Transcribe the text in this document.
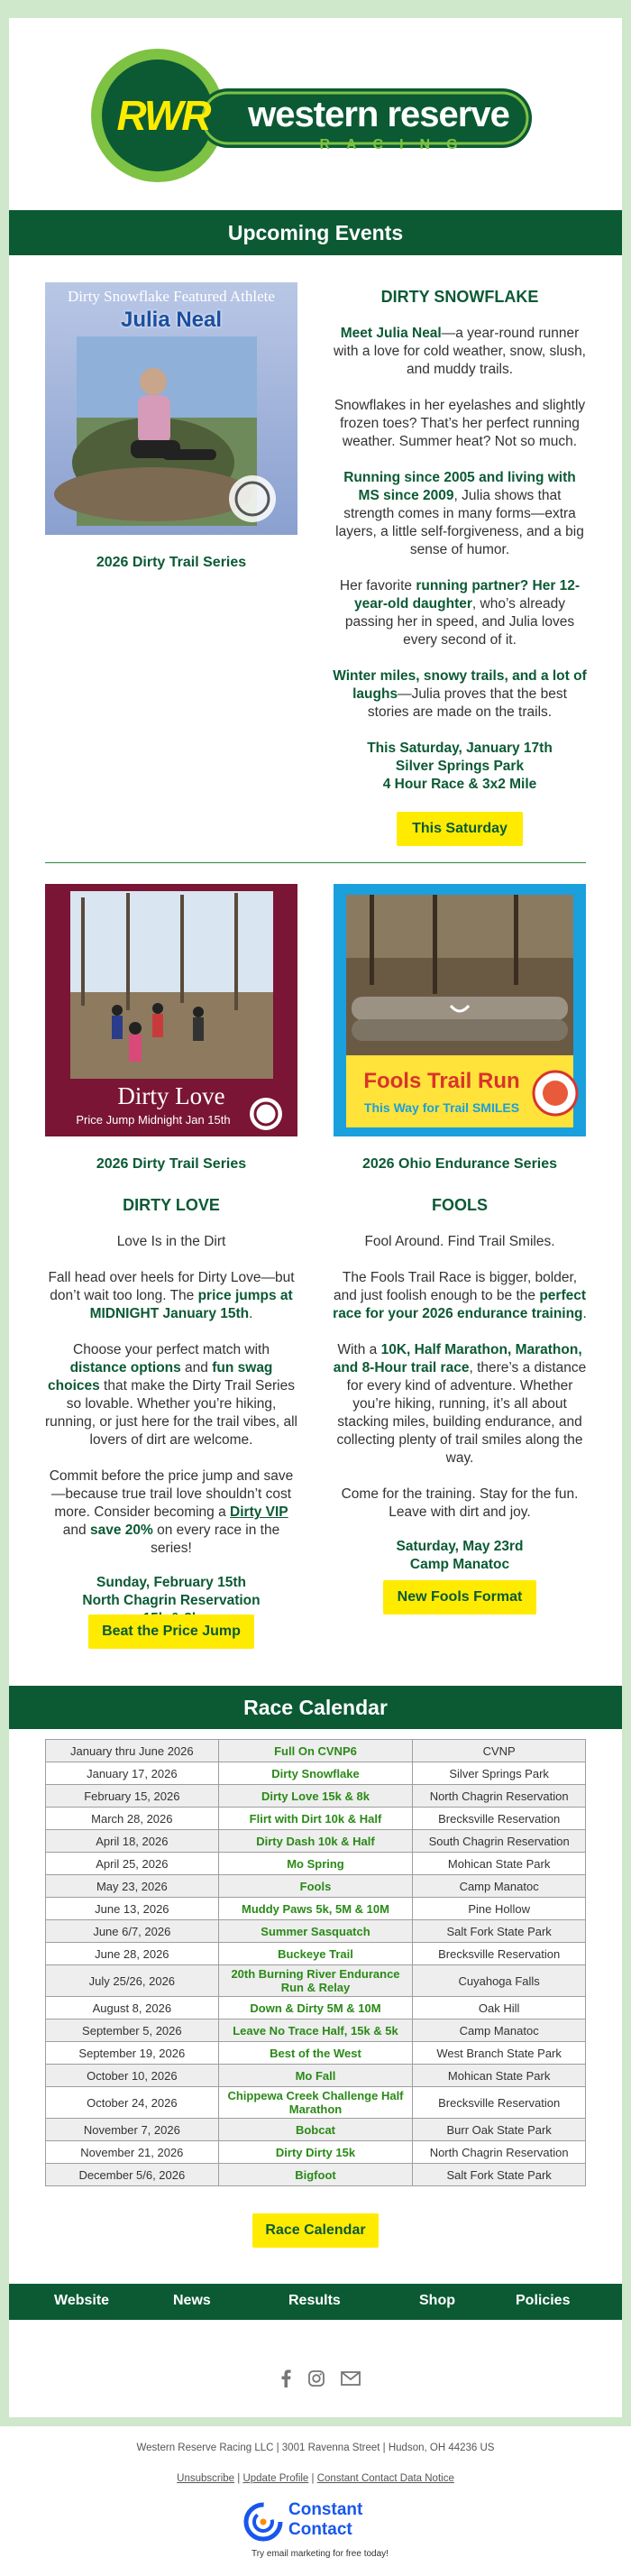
RWR	western reserve
RACING
Upcoming Events
Dirty Snowflake Featured Athlete
Julia Neal
2026 Dirty Trail Series
DIRTY SNOWFLAKE

Meet Julia Neal—a year-round runner with a love for cold weather, snow, slush, and muddy trails.

Snowflakes in her eyelashes and slightly frozen toes? That’s her perfect running weather. Summer heat? Not so much.

Running since 2005 and living with MS since 2009, Julia shows that strength comes in many forms—extra layers, a little self-forgiveness, and a big sense of humor.

Her favorite running partner? Her 12-year-old daughter, who’s already passing her in speed, and Julia loves every second of it.

Winter miles, snowy trails, and a lot of laughs—Julia proves that the best stories are made on the trails.

This Saturday, January 17th
Silver Springs Park
4 Hour Race & 3x2 Mile
This Saturday
Dirty Love
Price Jump Midnight Jan 15th
2026 Dirty Trail Series
DIRTY LOVE

Love Is in the Dirt

Fall head over heels for Dirty Love—but don’t wait too long. The price jumps at MIDNIGHT January 15th.

Choose your perfect match with distance options and fun swag choices that make the Dirty Trail Series so lovable. Whether you’re hiking, running, or just here for the trail vibes, all lovers of dirt are welcome.

Commit before the price jump and save—because true trail love shouldn’t cost more. Consider becoming a Dirty VIP and save 20% on every race in the series!

Sunday, February 15th
North Chagrin Reservation
Beat the Price Jump
Fools Trail Run
This Way for Trail SMILES
2026 Ohio Endurance Series
FOOLS

Fool Around. Find Trail Smiles.

The Fools Trail Race is bigger, bolder, and just foolish enough to be the perfect race for your 2026 endurance training.

With a 10K, Half Marathon, Marathon, and 8-Hour trail race, there’s a distance for every kind of adventure. Whether you’re hiking, running, it’s all about stacking miles, building endurance, and collecting plenty of trail smiles along the way.

Come for the training. Stay for the fun. Leave with dirt and joy.

Saturday, May 23rd
Camp Manatoc
New Fools Format
Race Calendar
January thru June 2026	Full On CVNP6	CVNP
January 17, 2026	Dirty Snowflake	Silver Springs Park
February 15, 2026	Dirty Love 15k & 8k	North Chagrin Reservation
March 28, 2026	Flirt with Dirt 10k & Half	Brecksville Reservation
April 18, 2026	Dirty Dash 10k & Half	South Chagrin Reservation
April 25, 2026	Mo Spring	Mohican State Park
May 23, 2026	Fools	Camp Manatoc
June 13, 2026	Muddy Paws 5k, 5M & 10M	Pine Hollow
June 6/7, 2026	Summer Sasquatch	Salt Fork State Park
June 28, 2026	Buckeye Trail	Brecksville Reservation
July 25/26, 2026	20th Burning River Endurance Run & Relay	Cuyahoga Falls
August 8, 2026	Down & Dirty 5M & 10M	Oak Hill
September 5, 2026	Leave No Trace Half, 15k & 5k	Camp Manatoc
September 19, 2026	Best of the West	West Branch State Park
October 10, 2026	Mo Fall	Mohican State Park
October 24, 2026	Chippewa Creek Challenge Half Marathon	Brecksville Reservation
November 7, 2026	Bobcat	Burr Oak State Park
November 21, 2026	Dirty Dirty 15k	North Chagrin Reservation
December 5/6, 2026	Bigfoot	Salt Fork State Park
Race Calendar
Website	News	Results	Shop	Policies
Western Reserve Racing LLC | 3001 Ravenna Street | Hudson, OH 44236 US
Unsubscribe | Update Profile | Constant Contact Data Notice
Constant
Contact
Try email marketing for free today!
